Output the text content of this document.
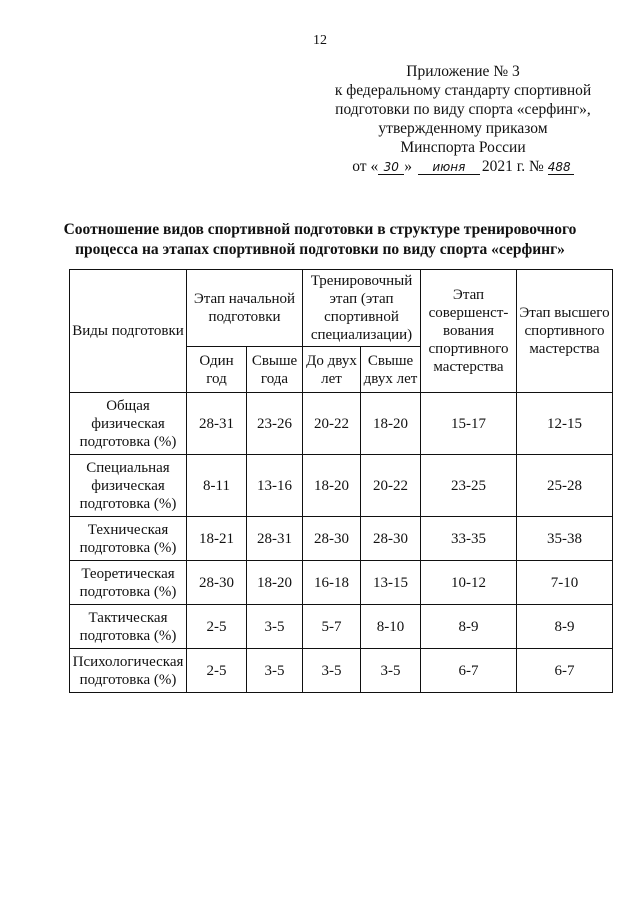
12
Приложение № 3
к федеральному стандарту спортивной
подготовки по виду спорта «серфинг»,
утвержденному приказом
Минспорта России
от « 30 » июня 2021 г. № 488
Соотношение видов спортивной подготовки в структуре тренировочного
процесса на этапах спортивной подготовки по виду спорта «серфинг»
Виды подготовки	Этап начальной подготовки		Тренировочный этап (этап спортивной специализации)		Этап совершенст-вования спортивного мастерства	Этап высшего спортивного мастерства
	Один год	Свыше года	До двух лет	Свыше двух лет		
Общая физическая подготовка (%)	28-31	23-26	20-22	18-20	15-17	12-15
Специальная физическая подготовка (%)	8-11	13-16	18-20	20-22	23-25	25-28
Техническая подготовка (%)	18-21	28-31	28-30	28-30	33-35	35-38
Теоретическая подготовка (%)	28-30	18-20	16-18	13-15	10-12	7-10
Тактическая подготовка (%)	2-5	3-5	5-7	8-10	8-9	8-9
Психологическая подготовка (%)	2-5	3-5	3-5	3-5	6-7	6-7
